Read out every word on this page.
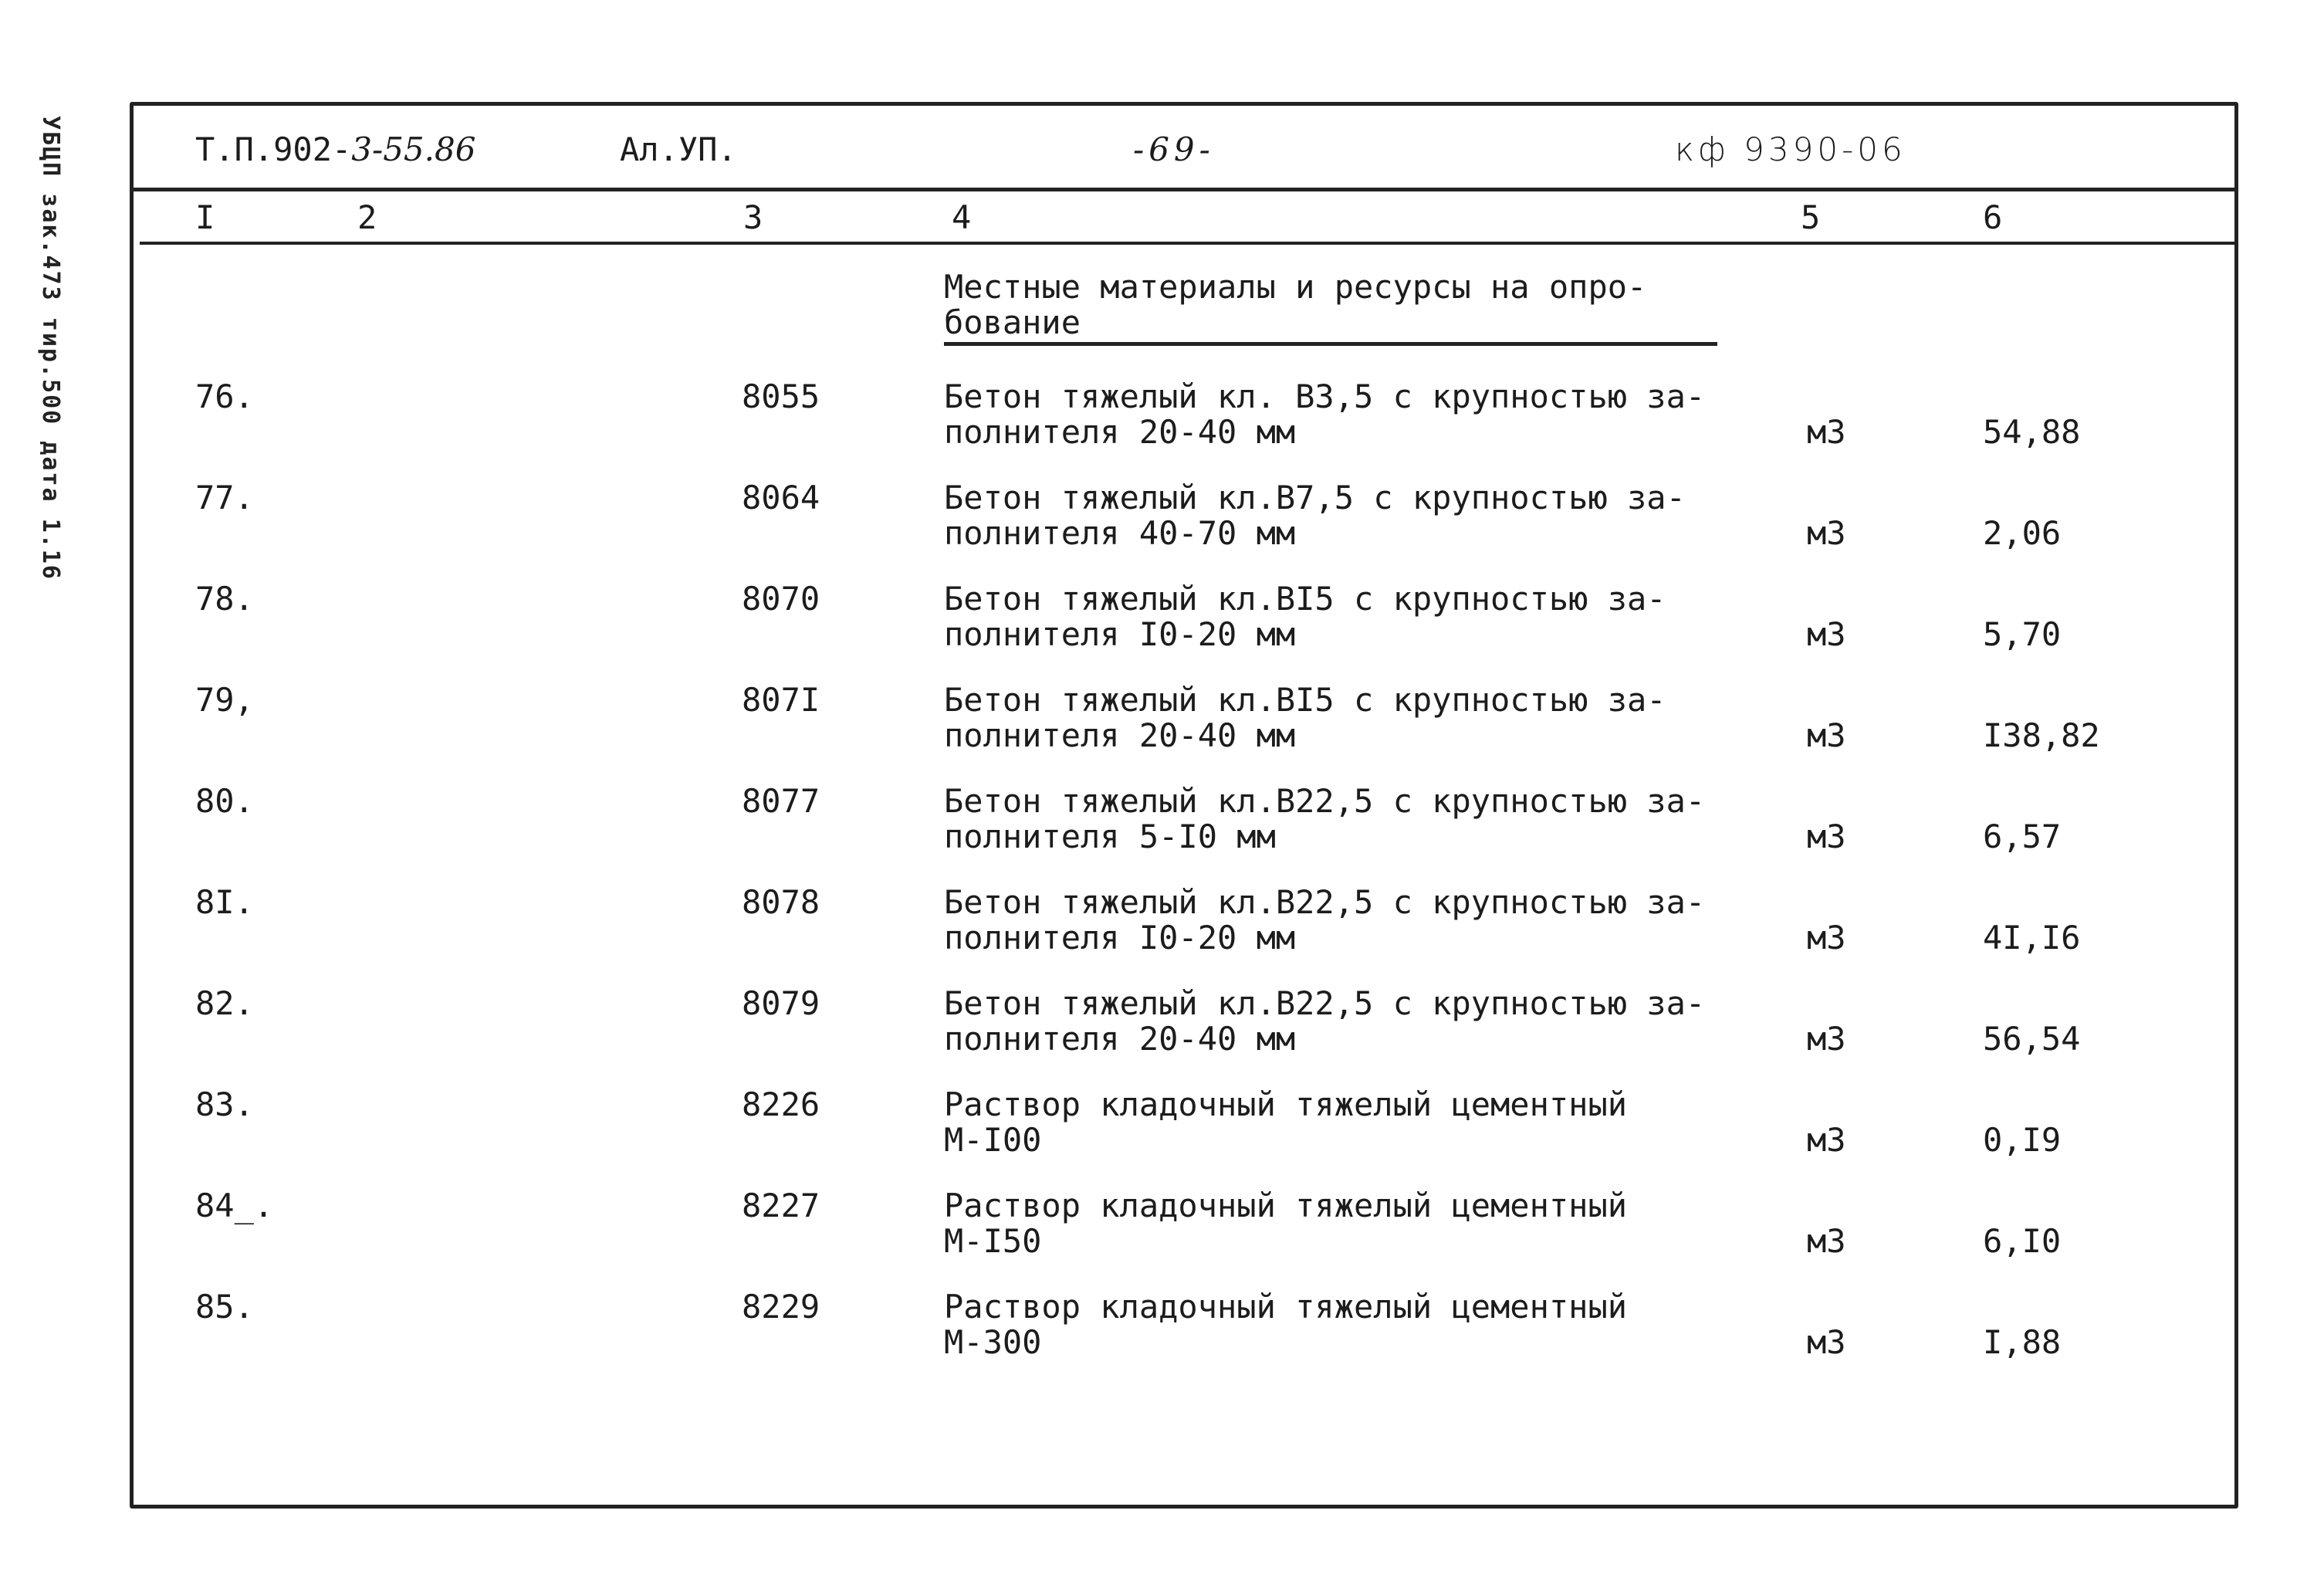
УБЦП зак.473 тир.500 дата 1.16	Т.П.902-3-55.86	Ал.УП.	-69-	кф 9390-06
I	2	3	4	5	6
Местные материалы и ресурсы на опро-
бование
76.	8055	Бетон тяжелый кл. В3,5 с крупностью за-
полнителя 20-40 мм	м3	54,88
77.	8064	Бетон тяжелый кл.В7,5 с крупностью за-
полнителя 40-70 мм	м3	2,06
78.	8070	Бетон тяжелый кл.BI5 с крупностью за-
полнителя I0-20 мм	м3	5,70
79,	807I	Бетон тяжелый кл.BI5 с крупностью за-
полнителя 20-40 мм	м3	I38,82
80.	8077	Бетон тяжелый кл.В22,5 с крупностью за-
полнителя 5-I0 мм	м3	6,57
8I.	8078	Бетон тяжелый кл.В22,5 с крупностью за-
полнителя I0-20 мм	м3	4I,I6
82.	8079	Бетон тяжелый кл.В22,5 с крупностью за-
полнителя 20-40 мм	м3	56,54
83.	8226	Раствор кладочный тяжелый цементный
М-I00	м3	0,I9
84_.	8227	Раствор кладочный тяжелый цементный
М-I50	м3	6,I0
85.	8229	Раствор кладочный тяжелый цементный
М-300	м3	I,88
